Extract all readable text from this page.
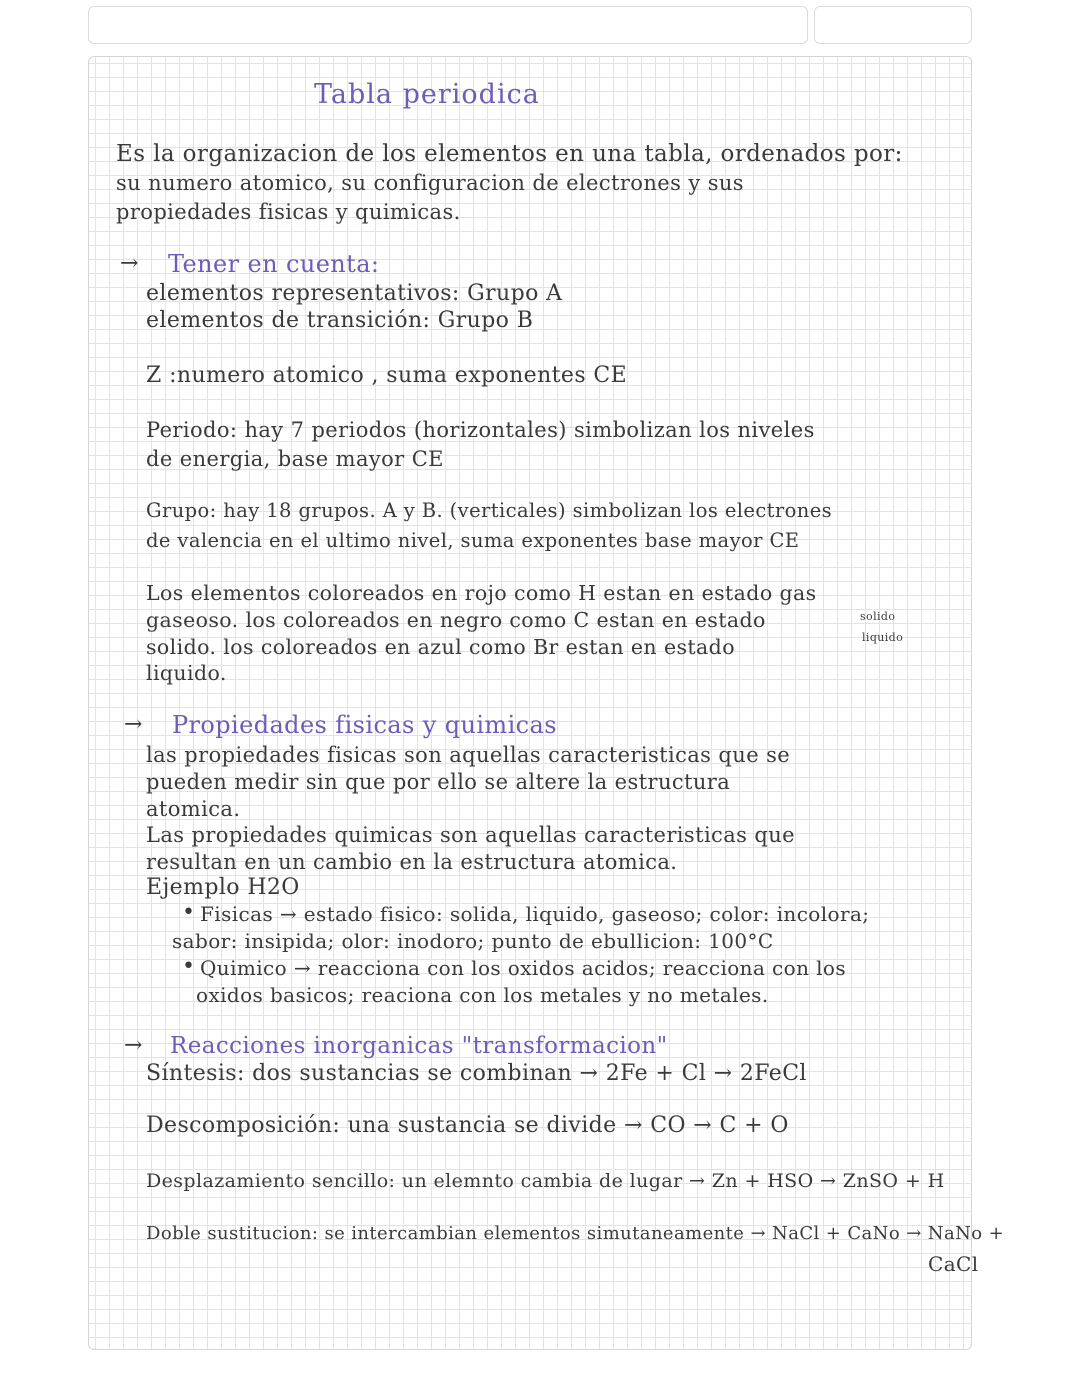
Tabla periodica

Es la organizacion de los elementos en una tabla, ordenados por:

su numero atomico, su configuracion de electrones y sus

propiedades fisicas y quimicas.

→ Tener en cuenta:

elementos representativos: Grupo A

elementos de transición: Grupo B

Z :numero atomico , suma exponentes CE

Periodo: hay 7 periodos (horizontales) simbolizan los niveles

de energia, base mayor CE

Grupo: hay 18 grupos. A y B. (verticales) simbolizan los electrones

de valencia en el ultimo nivel, suma exponentes base mayor CE

Los elementos coloreados en rojo como H estan en estado gas

gaseoso. los coloreados en negro como C estan en estado

solido. los coloreados en azul como Br estan en estado

liquido.

solido

liquido

→ Propiedades fisicas y quimicas

las propiedades fisicas son aquellas caracteristicas que se

pueden medir sin que por ello se altere la estructura

atomica.

Las propiedades quimicas son aquellas caracteristicas que

resultan en un cambio en la estructura atomica.

Ejemplo H2O

• Fisicas → estado fisico: solida, liquido, gaseoso; color: incolora;

sabor: insipida; olor: inodoro; punto de ebullicion: 100°C

• Quimico → reacciona con los oxidos acidos; reacciona con los

oxidos basicos; reaciona con los metales y no metales.

→ Reacciones inorganicas "transformacion"

Síntesis: dos sustancias se combinan → 2Fe + Cl → 2FeCl

Descomposición: una sustancia se divide → CO → C + O

Desplazamiento sencillo: un elemnto cambia de lugar → Zn + HSO → ZnSO + H

Doble sustitucion: se intercambian elementos simutaneamente → NaCl + CaNo → NaNo +

CaCl
